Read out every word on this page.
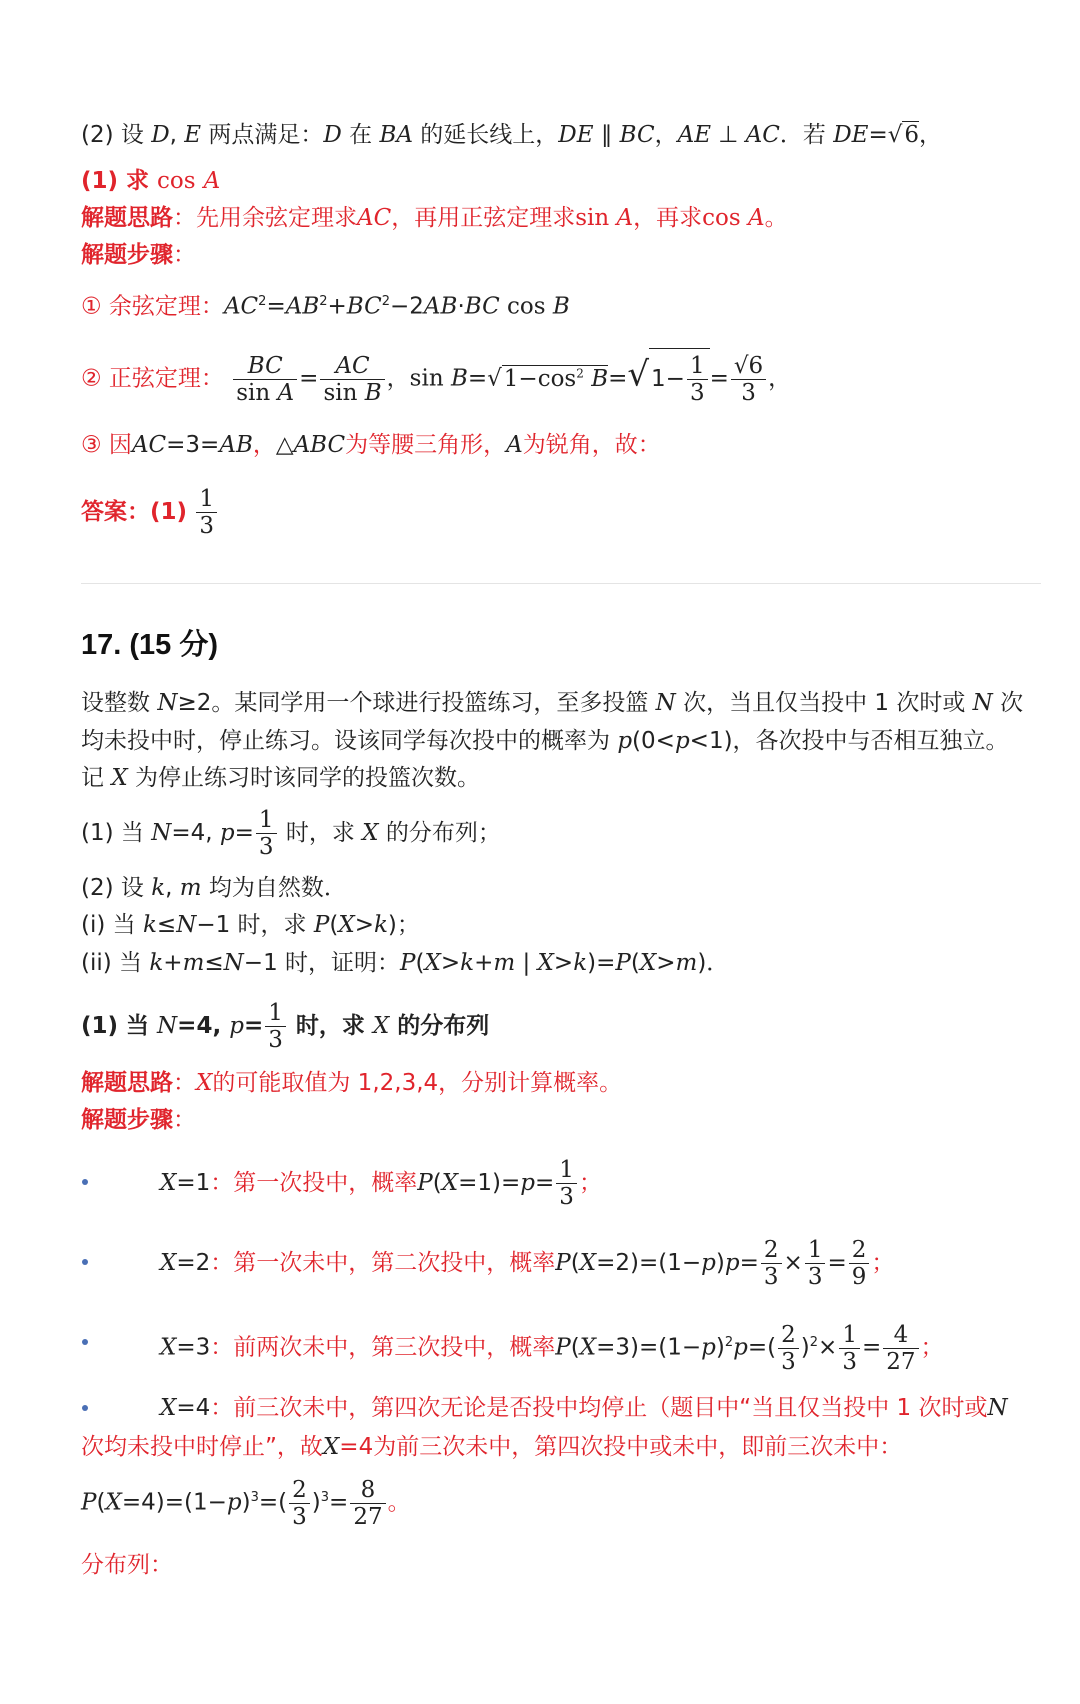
(2) 设 D, E 两点满足：D 在 BA 的延长线上，DE ∥ BC，AE ⊥ AC．若 DE=√6，
(1) 求 cos A
解题思路：先用余弦定理求AC，再用正弦定理求sin A，再求cos A。
解题步骤：
① 余弦定理：$AC^2=AB^2+BC^2-2AB\cdot BC$ cos B
② 正弦定理： $\frac{BC}{\text{sin A}} = \frac{AC}{\text{sin B}}$ ，$\sin B=√1-\cos^2$ $B=√1- \frac{1}{3} = \frac{√6}{3}$ ，
③ 因AC=3=AB，△ABC为等腰三角形，A为锐角，故：
答案：$(1) \frac{1}{3}$
17. (15 分)
设整数 N≥2。某同学用一个球进行投篮练习，至多投篮 N 次，当且仅当投中 1 次时或 N 次
均未投中时，停止练习。设该同学每次投中的概率为 p(0<p<1)，各次投中与否相互独立。
记 X 为停止练习时该同学的投篮次数。
(1) 当 N=4, $p= \frac{1}{3}$ 时，求 X 的分布列；
(2) 设 k, m 均为自然数．
(i) 当 k≤N−1 时，求 P(X>k)；
(ii) 当 k+m≤N−1 时，证明：P(X>k+m | X>k)=P(X>m)．
(1) 当 N=4, $p= \frac{1}{3}$ 时，求 X 的分布列
解题思路：X的可能取值为 1,2,3,4，分别计算概率。
解题步骤：
X=1：第一次投中，概率$P(X=1)=p= \frac{1}{3}$ ；
X=2：第一次未中，第二次投中，概率$P(X=2)=(1-p)p= \frac{2}{3} \times \frac{1}{3} = \frac{2}{9}$ ；
X=3：前两次未中，第三次投中，概率$P(X=3)=(1-p)^2p=( \frac{2}{3} )^2\times \frac{1}{3} = \frac{4}{27}$ ；
X=4：前三次未中，第四次无论是否投中均停止（题目中“当且仅当投中 1 次时或N
次均未投中时停止”，故X=4为前三次未中，第四次投中或未中，即前三次未中：
$P(X=4)=(1-p)^3=( \frac{2}{3} )^3= \frac{8}{27}$ 。
分布列：
